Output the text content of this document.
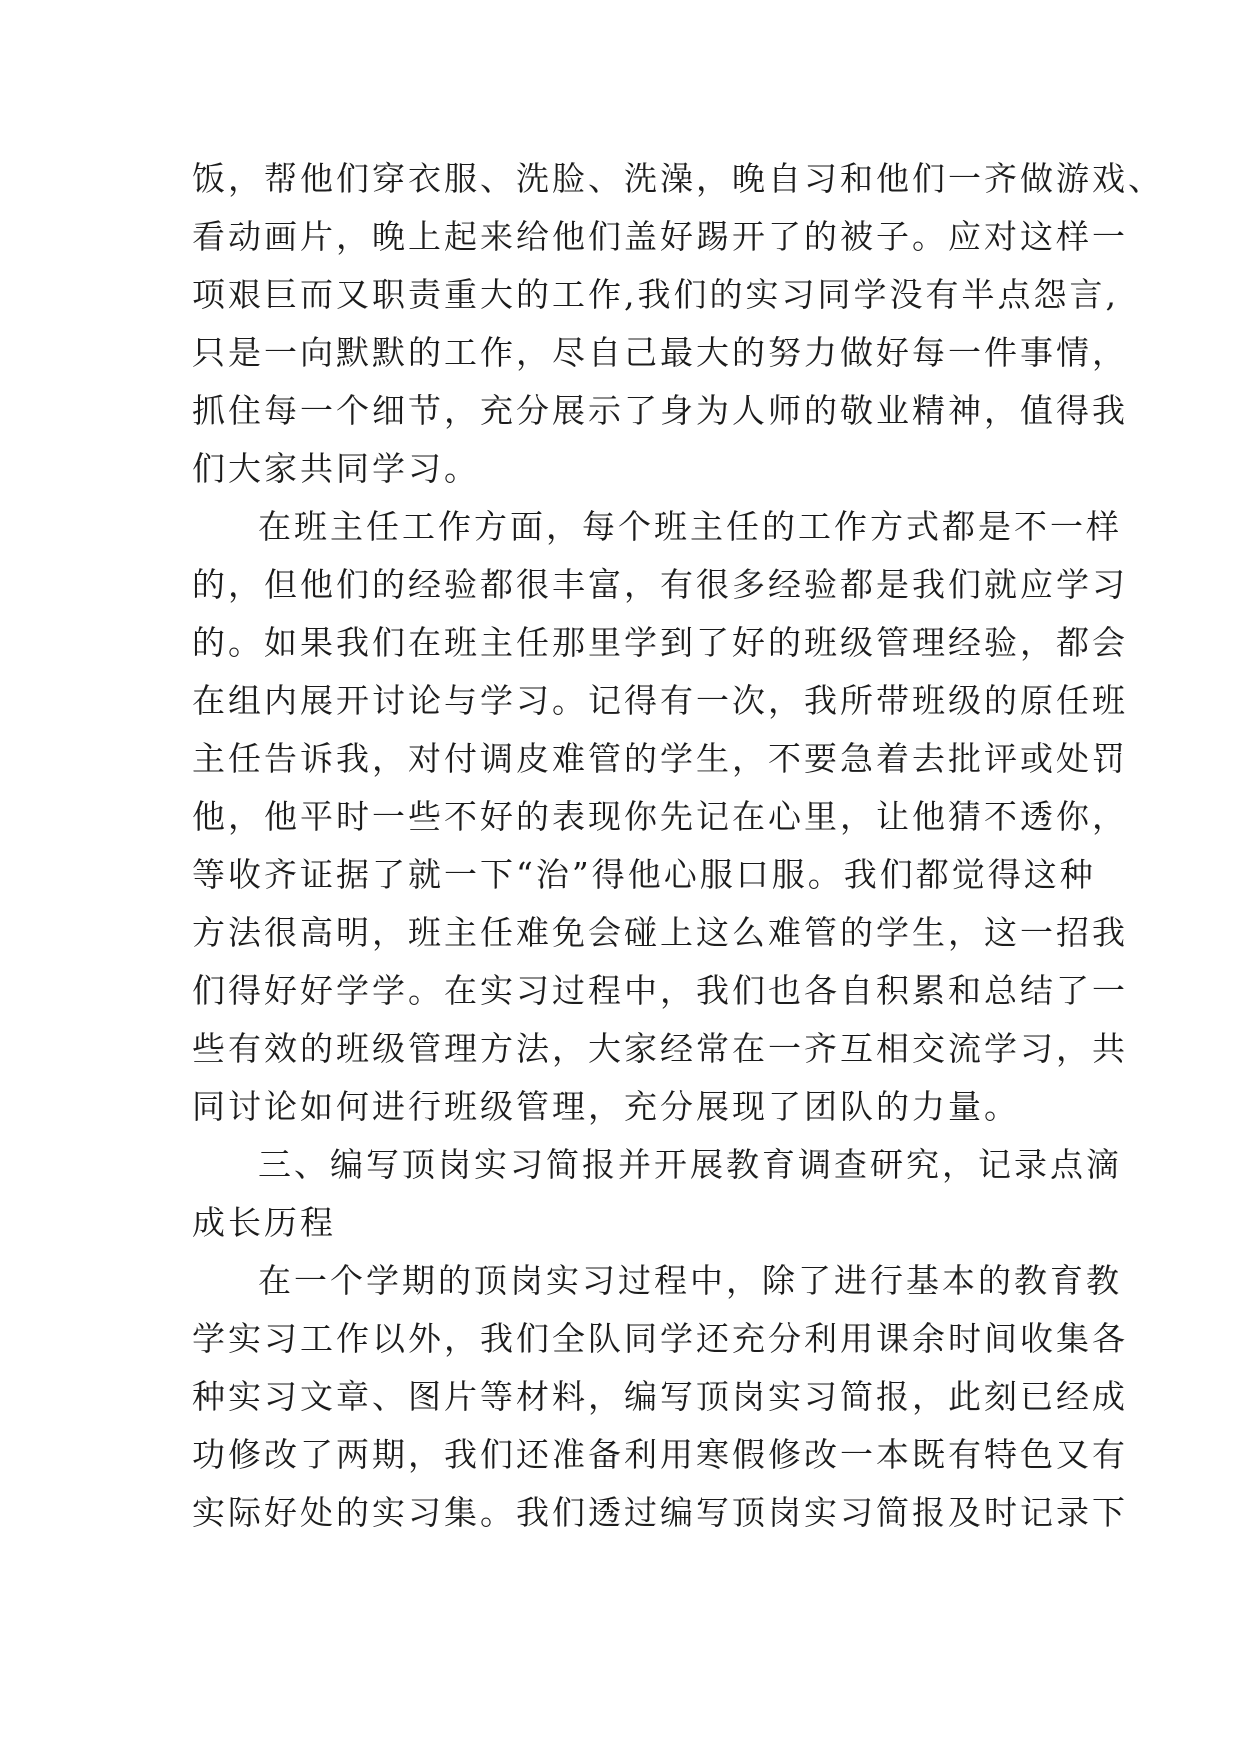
饭，帮他们穿衣服、洗脸、洗澡，晚自习和他们一齐做游戏、
看动画片，晚上起来给他们盖好踢开了的被子。应对这样一
项艰巨而又职责重大的工作,我们的实习同学没有半点怨言,
只是一向默默的工作，尽自己最大的努力做好每一件事情，
抓住每一个细节，充分展示了身为人师的敬业精神，值得我
们大家共同学习。
在班主任工作方面，每个班主任的工作方式都是不一样
的，但他们的经验都很丰富，有很多经验都是我们就应学习
的。如果我们在班主任那里学到了好的班级管理经验，都会
在组内展开讨论与学习。记得有一次，我所带班级的原任班
主任告诉我，对付调皮难管的学生，不要急着去批评或处罚
他，他平时一些不好的表现你先记在心里，让他猜不透你，
等收齐证据了就一下“治”得他心服口服。我们都觉得这种
方法很高明，班主任难免会碰上这么难管的学生，这一招我
们得好好学学。在实习过程中，我们也各自积累和总结了一
些有效的班级管理方法，大家经常在一齐互相交流学习，共
同讨论如何进行班级管理，充分展现了团队的力量。
三、编写顶岗实习简报并开展教育调查研究，记录点滴
成长历程
在一个学期的顶岗实习过程中，除了进行基本的教育教
学实习工作以外，我们全队同学还充分利用课余时间收集各
种实习文章、图片等材料，编写顶岗实习简报，此刻已经成
功修改了两期，我们还准备利用寒假修改一本既有特色又有
实际好处的实习集。我们透过编写顶岗实习简报及时记录下
